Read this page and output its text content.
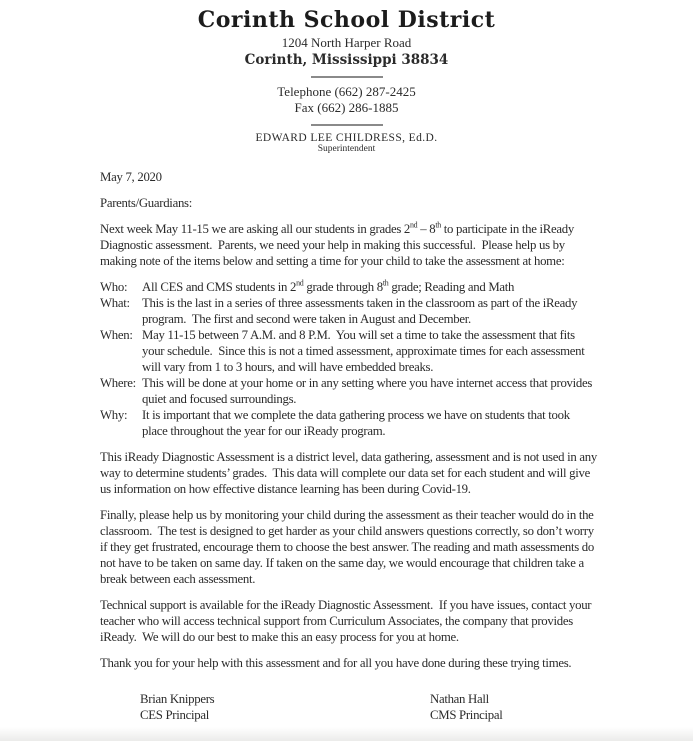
Corinth School District
1204 North Harper Road
Corinth, Mississippi 38834
Telephone (662) 287-2425
Fax (662) 286-1885
EDWARD LEE CHILDRESS, Ed.D.
Superintendent

May 7, 2020

Parents/Guardians:

Next week May 11-15 we are asking all our students in grades 2nd – 8th to participate in the iReady Diagnostic assessment.  Parents, we need your help in making this successful.  Please help us by making note of the items below and setting a time for your child to take the assessment at home:

Who:	All CES and CMS students in 2nd grade through 8th grade; Reading and Math
What: This is the last in a series of three assessments taken in the classroom as part of the iReady program.  The first and second were taken in August and December.
When: May 11-15 between 7 A.M. and 8 P.M.  You will set a time to take the assessment that fits your schedule.  Since this is not a timed assessment, approximate times for each assessment will vary from 1 to 3 hours, and will have embedded breaks.
Where: This will be done at your home or in any setting where you have internet access that provides quiet and focused surroundings.
Why:	It is important that we complete the data gathering process we have on students that took place throughout the year for our iReady program.

This iReady Diagnostic Assessment is a district level, data gathering, assessment and is not used in any way to determine students’ grades.  This data will complete our data set for each student and will give us information on how effective distance learning has been during Covid-19.

Finally, please help us by monitoring your child during the assessment as their teacher would do in the classroom.  The test is designed to get harder as your child answers questions correctly, so don’t worry if they get frustrated, encourage them to choose the best answer. The reading and math assessments do not have to be taken on same day. If taken on the same day, we would encourage that children take a break between each assessment.

Technical support is available for the iReady Diagnostic Assessment.  If you have issues, contact your teacher who will access technical support from Curriculum Associates, the company that provides iReady.  We will do our best to make this an easy process for you at home.

Thank you for your help with this assessment and for all you have done during these trying times.

Brian Knippers
CES Principal
Nathan Hall
CMS Principal
